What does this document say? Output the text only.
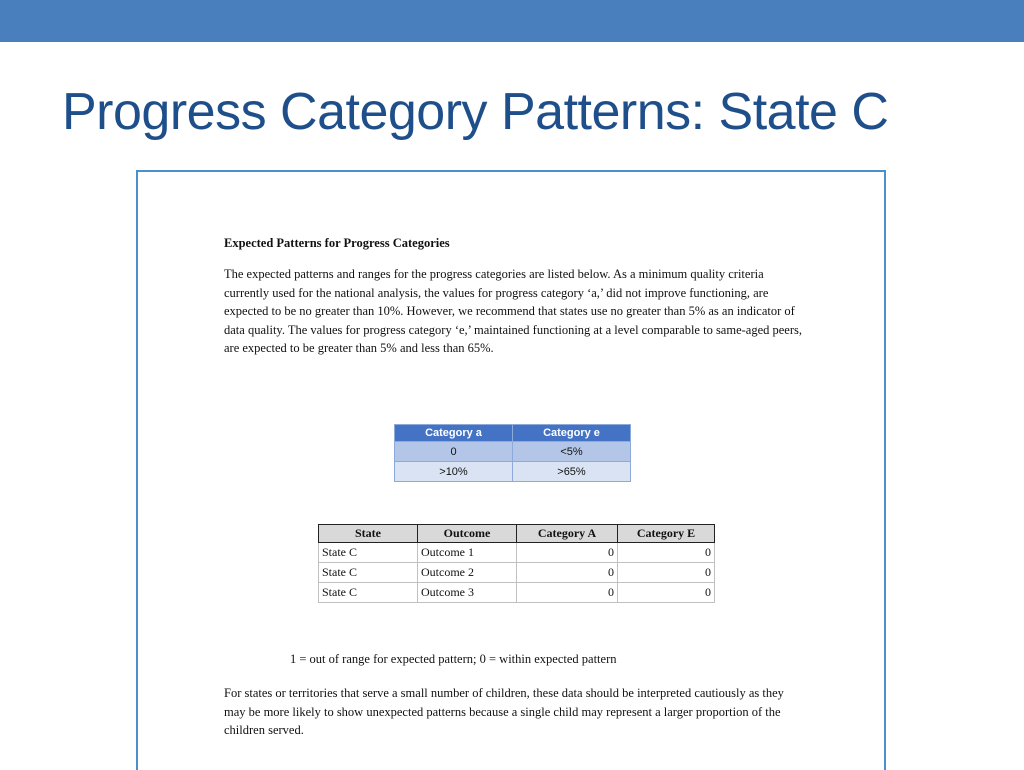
Progress Category Patterns: State C

Expected Patterns for Progress Categories

The expected patterns and ranges for the progress categories are listed below. As a minimum quality criteria currently used for the national analysis, the values for progress category ‘a,’ did not improve functioning, are expected to be no greater than 10%. However, we recommend that states use no greater than 5% as an indicator of data quality. The values for progress category ‘e,’ maintained functioning at a level comparable to same-aged peers, are expected to be greater than 5% and less than 65%.

Category a	Category e
0	<5%
>10%	>65%
State	Outcome	Category A	Category E
State C	Outcome 1	0	0
State C	Outcome 2	0	0
State C	Outcome 3	0	0
1 = out of range for expected pattern; 0 = within expected pattern

For states or territories that serve a small number of children, these data should be interpreted cautiously as they may be more likely to show unexpected patterns because a single child may represent a larger proportion of the children served.
